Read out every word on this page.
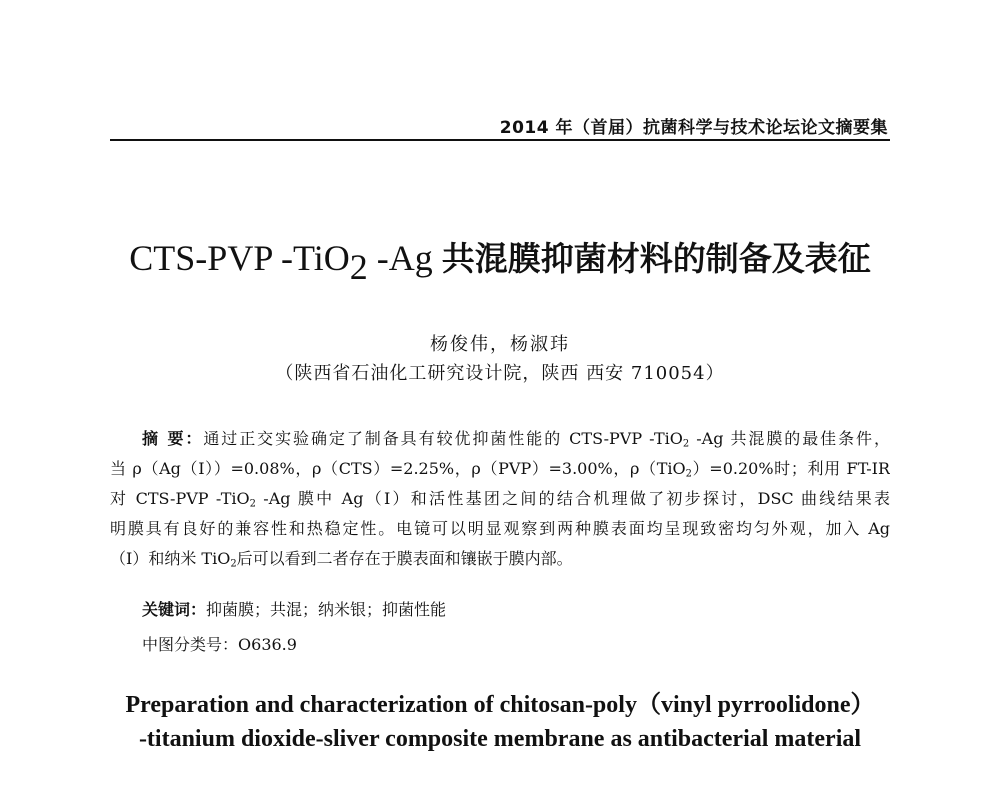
2014 年（首届）抗菌科学与技术论坛论文摘要集
CTS-PVP -TiO$_2$ -Ag 共混膜抑菌材料的制备及表征
杨俊伟，杨淑玮
（陕西省石油化工研究设计院，陕西 西安 710054）
摘 要：通过正交实验确定了制备具有较优抑菌性能的 CTS-PVP -TiO$_2$ -Ag 共混膜的最佳条件，
当 ρ（Ag（Ⅰ））=0.08%，ρ（CTS）=2.25%，ρ（PVP）=3.00%，ρ（TiO$_2$）=0.20%时；利用 FT-IR
对 CTS-PVP -TiO$_2$ -Ag 膜中 Ag（Ⅰ）和活性基团之间的结合机理做了初步探讨，DSC 曲线结果表
明膜具有良好的兼容性和热稳定性。电镜可以明显观察到两种膜表面均呈现致密均匀外观，加入 Ag
（Ⅰ）和纳米 TiO$_2$后可以看到二者存在于膜表面和镶嵌于膜内部。
关键词：抑菌膜；共混；纳米银；抑菌性能
中图分类号：O636.9
Preparation and characterization of chitosan-poly（vinyl pyrroolidone）
-titanium dioxide-sliver composite membrane as antibacterial material
